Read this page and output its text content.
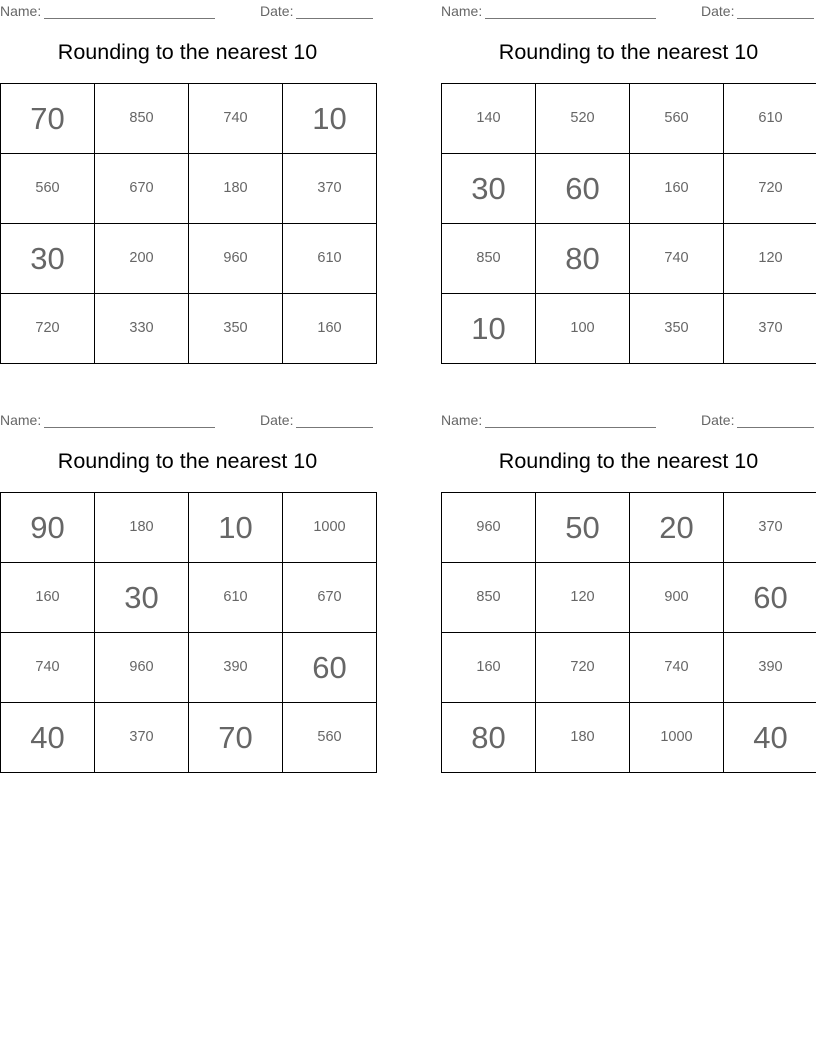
Name:	Date:
Rounding to the nearest 10
70	850	740	10
560	670	180	370
30	200	960	610
720	330	350	160
Name:	Date:
Rounding to the nearest 10
140	520	560	610
30	60	160	720
850	80	740	120
10	100	350	370
Name:	Date:
Rounding to the nearest 10
90	180	10	1000
160	30	610	670
740	960	390	60
40	370	70	560
Name:	Date:
Rounding to the nearest 10
960	50	20	370
850	120	900	60
160	720	740	390
80	180	1000	40
